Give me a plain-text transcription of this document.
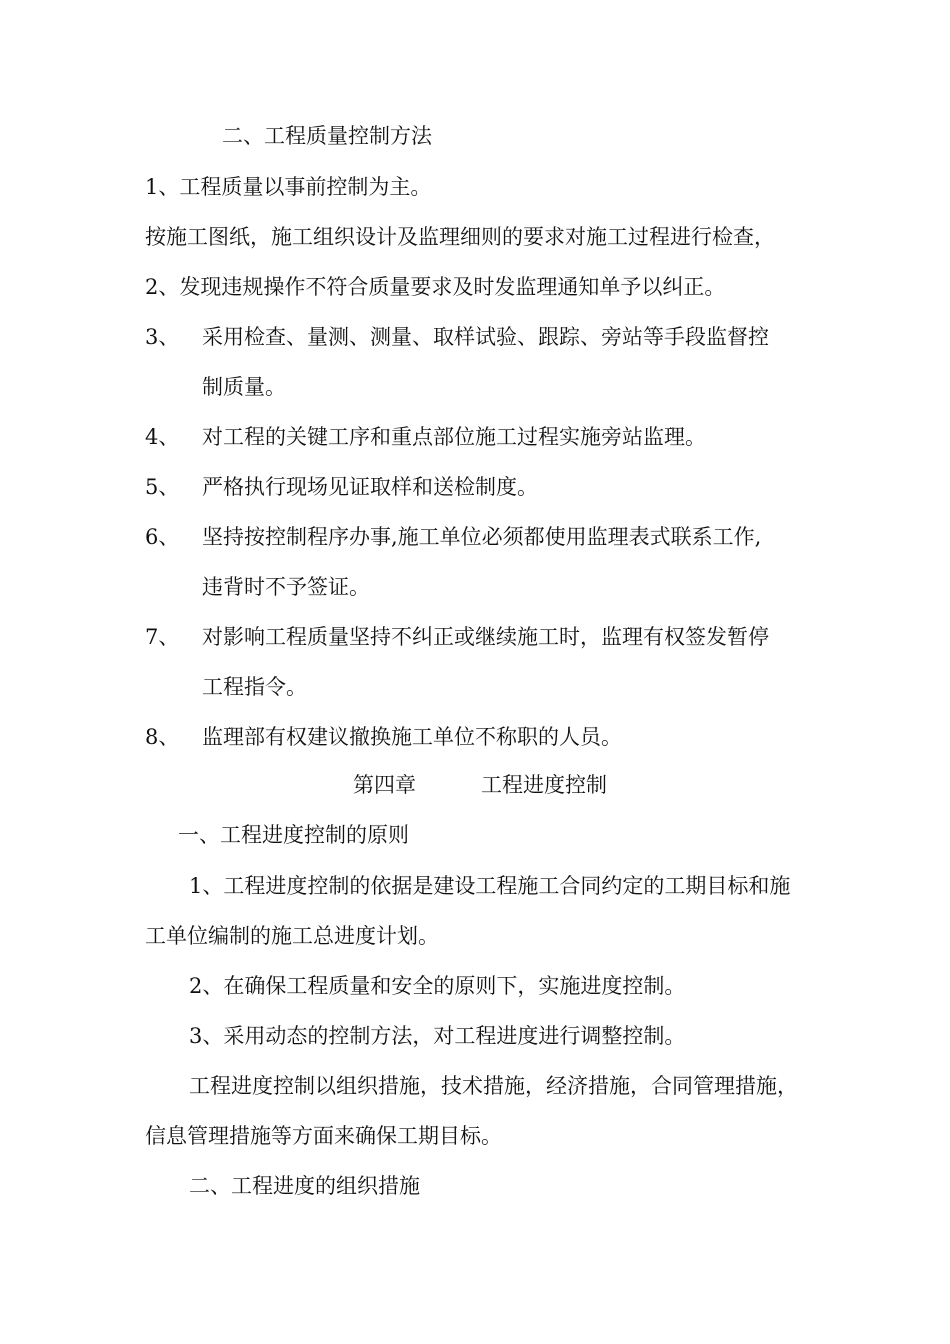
二、工程质量控制方法
1、工程质量以事前控制为主。
按施工图纸，施工组织设计及监理细则的要求对施工过程进行检查，
2、发现违规操作不符合质量要求及时发监理通知单予以纠正。
3、 采用检查、量测、测量、取样试验、跟踪、旁站等手段监督控
制质量。
4、 对工程的关键工序和重点部位施工过程实施旁站监理。
5、 严格执行现场见证取样和送检制度。
6、 坚持按控制程序办事,施工单位必须都使用监理表式联系工作,
违背时不予签证。
7、 对影响工程质量坚持不纠正或继续施工时，监理有权签发暂停
工程指令。
8、 监理部有权建议撤换施工单位不称职的人员。
第四章	工程进度控制
一、工程进度控制的原则
1、工程进度控制的依据是建设工程施工合同约定的工期目标和施
工单位编制的施工总进度计划。
2、在确保工程质量和安全的原则下，实施进度控制。
3、采用动态的控制方法，对工程进度进行调整控制。
工程进度控制以组织措施，技术措施，经济措施，合同管理措施，
信息管理措施等方面来确保工期目标。
二、工程进度的组织措施
